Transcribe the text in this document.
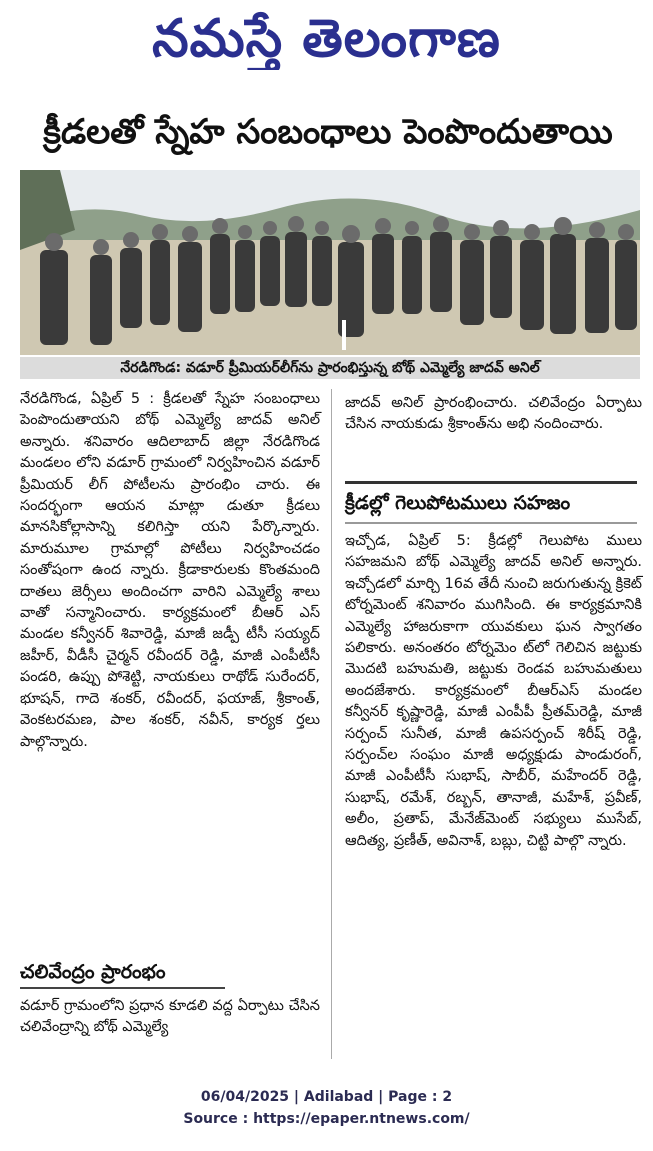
నమస్తే తెలంగాణ
క్రీడలతో స్నేహ సంబంధాలు పెంపొందుతాయి
నేరడిగొండ: వడూర్ ప్రీమియర్‌లీగ్‌ను ప్రారంభిస్తున్న బోథ్ ఎమ్మెల్యే జాదవ్ అనిల్

నేరడిగొండ, ఏప్రిల్ 5 : క్రీడలతో స్నేహ సంబంధాలు పెంపొందుతాయని బోథ్ ఎమ్మెల్యే జాదవ్ అనిల్ అన్నారు. శనివారం ఆదిలాబాద్ జిల్లా నేరడిగొండ మండలం లోని వడూర్ గ్రామంలో నిర్వహించిన వడూర్ ప్రీమియర్ లీగ్ పోటీలను ప్రారంభిం చారు. ఈ సందర్భంగా ఆయన మాట్లా డుతూ క్రీడలు మానసికోల్లాసాన్ని కలిగిస్తా యని పేర్కొన్నారు. మారుమూల గ్రామాల్లో పోటీలు నిర్వహించడం సంతోషంగా ఉంద న్నారు. క్రీడాకారులకు కొంతమంది దాతలు జెర్సీలు అందించగా వారిని ఎమ్మెల్యే శాలు వాతో సన్మానించారు. కార్యక్రమంలో బీఆర్ ఎస్ మండల కన్వీనర్ శివారెడ్డి, మాజీ జడ్పీ టీసీ సయ్యద్ జహీర్, వీడీసీ చైర్మన్ రవీందర్ రెడ్డి, మాజీ ఎంపీటీసీ పండరి, ఉప్పు పోశెట్టి, నాయకులు రాథోడ్ సురేందర్, భూషన్, గాదె శంకర్, రవీందర్, ఫయాజ్, శ్రీకాంత్, వెంకటరమణ, పాల శంకర్, నవీన్, కార్యక ర్తలు పాల్గొన్నారు.

చలివేంద్రం ప్రారంభం

వడూర్ గ్రామంలోని ప్రధాన కూడలి వద్ద ఏర్పాటు చేసిన చలివేంద్రాన్ని బోథ్ ఎమ్మెల్యే

జాదవ్ అనిల్ ప్రారంభించారు. చలివేంద్రం ఏర్పాటు చేసిన నాయకుడు శ్రీకాంత్‌ను అభి నందించారు.

క్రీడల్లో గెలుపోటములు సహజం

ఇచ్చోడ, ఏప్రిల్ 5: క్రీడల్లో గెలుపోట ములు సహజమని బోథ్ ఎమ్మెల్యే జాదవ్ అనిల్ అన్నారు. ఇచ్చోడలో మార్చి 16వ తేదీ నుంచి జరుగుతున్న క్రికెట్ టోర్నమెంట్ శనివారం ముగిసింది. ఈ కార్యక్రమానికి ఎమ్మెల్యే హాజరుకాగా యువకులు ఘన స్వాగతం పలికారు. అనంతరం టోర్నమెం ట్‌లో గెలిచిన జట్టుకు మొదటి బహుమతి, జట్టుకు రెండవ బహుమతులు అందజేశారు. కార్యక్రమంలో బీఆర్‌ఎస్ మండల కన్వీనర్ కృష్ణారెడ్డి, మాజీ ఎంపీపీ ప్రీతమ్‌రెడ్డి, మాజీ సర్పంచ్ సునీత, మాజీ ఉపసర్పంచ్ శిరీష్ రెడ్డి, సర్పంచ్‌ల సంఘం మాజీ అధ్యక్షుడు పాండురంగ్, మాజీ ఎంపీటీసీ సుభాష్, సాబీర్, మహేందర్ రెడ్డి, సుభాష్, రమేశ్, రబ్బన్, తానాజీ, మహేశ్, ప్రవీణ్, అలీం, ప్రతాప్, మేనేజ్‌మెంట్ సభ్యులు ముసేబ్, ఆదిత్య, ప్రణీత్, అవినాశ్, బబ్లు, చిట్టి పాల్గొ న్నారు.

06/04/2025 | Adilabad | Page : 2
Source : https://epaper.ntnews.com/
